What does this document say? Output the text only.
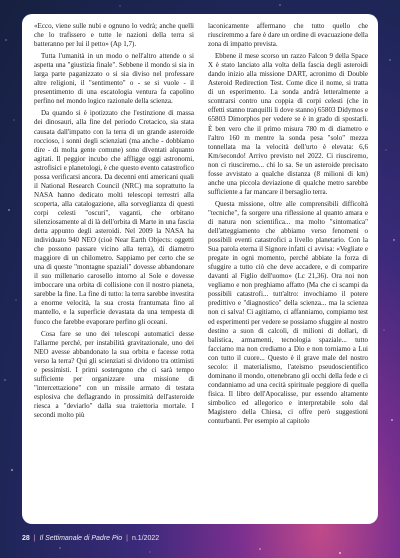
«Ecco, viene sulle nubi e ognuno lo vedrà; anche quelli che lo trafissero e tutte le nazioni della terra si batteranno per lui il petto» (Ap 1,7).

Tutta l'umanità in un modo o nell'altro attende o si aspetta una "giustizia finale". Sebbene il mondo si sia in larga parte paganizzato o si sia diviso nel professare altre religioni, il "sentimento" o - se si vuole - il presentimento di una escatologia ventura fa capolino perfino nel mondo logico razionale della scienza.

Da quando si è ipotizzato che l'estinzione di massa dei dinosauri, alla fine del periodo Cretacico, sia stata causata dall'impatto con la terra di un grande asteroide roccioso, i sonni degli scienziati (ma anche - dobbiamo dire - di molta gente comune) sono diventati alquanto agitati. Il peggior incubo che affligge oggi astronomi, astrofisici e planetologi, è che questo evento catastrofico possa verificarsi ancora. Da decenni enti americani quali il National Research Council (NRC) ma soprattutto la NASA hanno dedicato molti telescopi terrestri alla scoperta, alla catalogazione, alla sorveglianza di questi corpi celesti "oscuri", vaganti, che orbitano silenziosamente al di là dell'orbita di Marte in una fascia detta appunto degli asteroidi. Nel 2009 la NASA ha individuato 940 NEO (cioè Near Earth Objects: oggetti che possono passare vicino alla terra), di diametro maggiore di un chilometro. Sappiamo per certo che se una di queste "montagne spaziali" dovesse abbandonare il suo millenario carosello intorno al Sole e dovesse imboccare una orbita di collisione con il nostro pianeta, sarebbe la fine. La fine di tutto: la terra sarebbe investita a enorme velocità, la sua crosta frantumata fino al mantello, e la superficie devastata da una tempesta di fuoco che farebbe evaporare perfino gli oceani.

Cosa fare se uno dei telescopi automatici desse l'allarme perché, per instabilità gravitazionale, uno dei NEO avesse abbandonato la sua orbita e facesse rotta verso la terra? Qui gli scienziati si dividono tra ottimisti e pessimisti. I primi sostengono che ci sarà tempo sufficiente per organizzare una missione di "intercettazione" con un missile armato di testata esplosiva che deflagrando in prossimità dell'asteroide riesca a "deviarlo" dalla sua traiettoria mortale. I secondi molto più

laconicamente affermano che tutto quello che riusciremmo a fare è dare un ordine di evacuazione della zona di impatto prevista.

Ebbene il mese scorso un razzo Falcon 9 della Space X è stato lanciato alla volta della fascia degli asteroidi dando inizio alla missione DART, acronimo di Double Asteroid Redirection Test. Come dice il nome, si tratta di un esperimento. La sonda andrà letteralmente a scontrarsi contro una coppia di corpi celesti (che in effetti stanno tranquilli li dove stanno) 65803 Didymos e 65803 Dimorphos per vedere se è in grado di spostarli. È ben vero che il primo misura 780 m di diametro e l'altro 160 m mentre la sonda pesa "solo" mezza tonnellata ma la velocità dell'urto è elevata: 6,6 Km/secondo! Arrivo previsto nel 2022. Ci riusciremo, non ci riusciremo... chi lo sa. Se un asteroide precisato fosse avvistato a qualche distanza (8 milioni di km) anche una piccola deviazione di qualche metro sarebbe sufficiente a far mancare il bersaglio terra.

Questa missione, oltre alle comprensibili difficoltà "tecniche", fa sorgere una riflessione al quanto amara e di natura non scientifica... ma molto "sintomatica" dell'atteggiamento che abbiamo verso fenomeni o possibili eventi catastrofici a livello planetario. Con la Sua parola eterna il Signore infatti ci avvisa: «Vegliate e pregate in ogni momento, perché abbiate la forza di sfuggire a tutto ciò che deve accadere, e di comparire davanti al Figlio dell'uomo» (Lc 21,36). Ora noi non vegliamo e non preghiamo affatto (Ma che ci scampi da possibili catastrofi... tutt'altro: invochiamo il potere predittivo e "diagnostico" della scienza... ma la scienza non ci salva! Ci agitiamo, ci affanniamo, compiamo test ed esperimenti per vedere se possiamo sfuggire al nostro destino a suon di calcoli, di milioni di dollari, di balistica, armamenti, tecnologia spaziale... tutto facciamo ma non crediamo a Dio e non torniamo a Lui con tutto il cuore... Questo è il grave male del nostro secolo: il materialismo, l'ateismo pseudoscientifico dominano il mondo, ottenebrano gli occhi della fede e ci condanniamo ad una cecità spirituale peggiore di quella fisica. Il libro dell'Apocalisse, pur essendo altamente simbolico ed allegorico e interpretabile solo dal Magistero della Chiesa, ci offre però suggestioni conturbanti. Per esempio al capitolo

28 | Il Settimanale di Padre Pio | n.1/2022
